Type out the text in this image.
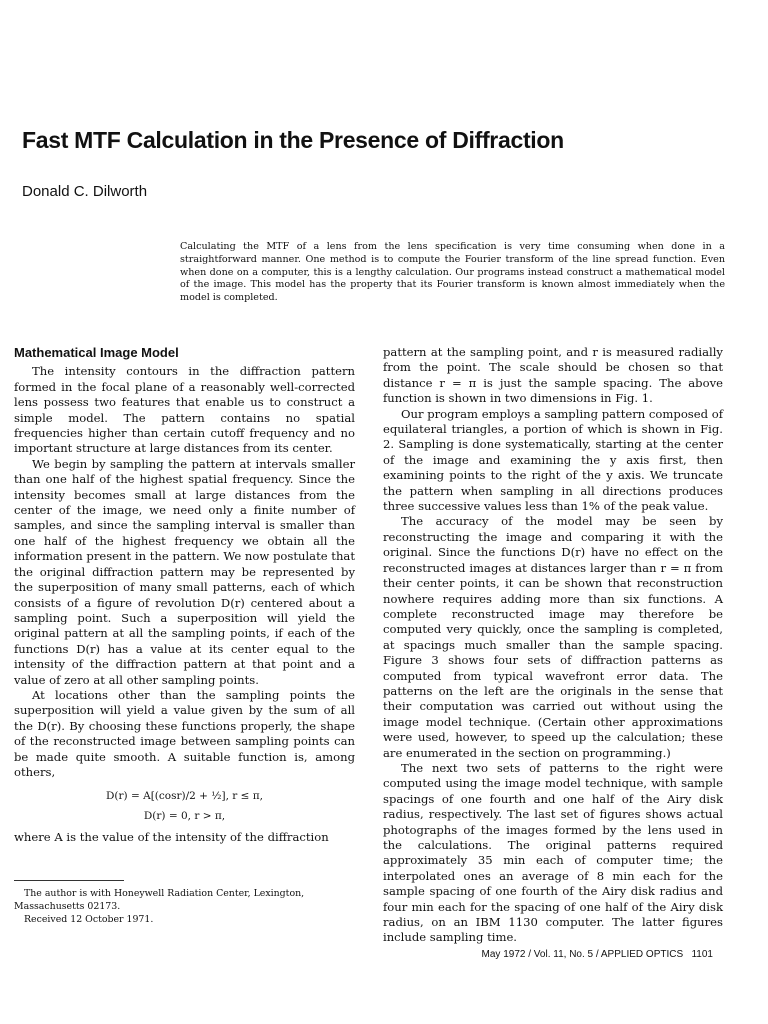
Fast MTF Calculation in the Presence of Diffraction
Donald C. Dilworth
Calculating the MTF of a lens from the lens specification is very time consuming when done in a straightforward manner. One method is to compute the Fourier transform of the line spread function. Even when done on a computer, this is a lengthy calculation. Our programs instead construct a mathematical model of the image. This model has the property that its Fourier transform is known almost immediately when the model is completed.
Mathematical Image Model

The intensity contours in the diffraction pattern formed in the focal plane of a reasonably well-corrected lens possess two features that enable us to construct a simple model. The pattern contains no spatial frequencies higher than certain cutoff frequency and no important structure at large distances from its center.

We begin by sampling the pattern at intervals smaller than one half of the highest spatial frequency. Since the intensity becomes small at large distances from the center of the image, we need only a finite number of samples, and since the sampling interval is smaller than one half of the highest frequency we obtain all the information present in the pattern. We now postulate that the original diffraction pattern may be represented by the superposition of many small patterns, each of which consists of a figure of revolution D(r) centered about a sampling point. Such a superposition will yield the original pattern at all the sampling points, if each of the functions D(r) has a value at its center equal to the intensity of the diffraction pattern at that point and a value of zero at all other sampling points.

At locations other than the sampling points the superposition will yield a value given by the sum of all the D(r). By choosing these functions properly, the shape of the reconstructed image between sampling points can be made quite smooth. A suitable function is, among others,

D(r) = A[(cosr)/2 + ½], r ≤ π,
D(r) = 0, r > π,

where A is the value of the intensity of the diffraction

pattern at the sampling point, and r is measured radially from the point. The scale should be chosen so that distance r = π is just the sample spacing. The above function is shown in two dimensions in Fig. 1.

Our program employs a sampling pattern composed of equilateral triangles, a portion of which is shown in Fig. 2. Sampling is done systematically, starting at the center of the image and examining the y axis first, then examining points to the right of the y axis. We truncate the pattern when sampling in all directions produces three successive values less than 1% of the peak value.

The accuracy of the model may be seen by reconstructing the image and comparing it with the original. Since the functions D(r) have no effect on the reconstructed images at distances larger than r = π from their center points, it can be shown that reconstruction nowhere requires adding more than six functions. A complete reconstructed image may therefore be computed very quickly, once the sampling is completed, at spacings much smaller than the sample spacing. Figure 3 shows four sets of diffraction patterns as computed from typical wavefront error data. The patterns on the left are the originals in the sense that their computation was carried out without using the image model technique. (Certain other approximations were used, however, to speed up the calculation; these are enumerated in the section on programming.)

The next two sets of patterns to the right were computed using the image model technique, with sample spacings of one fourth and one half of the Airy disk radius, respectively. The last set of figures shows actual photographs of the images formed by the lens used in the calculations. The original patterns required approximately 35 min each of computer time; the interpolated ones an average of 8 min each for the sample spacing of one fourth of the Airy disk radius and four min each for the spacing of one half of the Airy disk radius, on an IBM 1130 computer. The latter figures include sampling time.

The author is with Honeywell Radiation Center, Lexington, Massachusetts 02173.

Received 12 October 1971.

May 1972 / Vol. 11, No. 5 / APPLIED OPTICS 1101
